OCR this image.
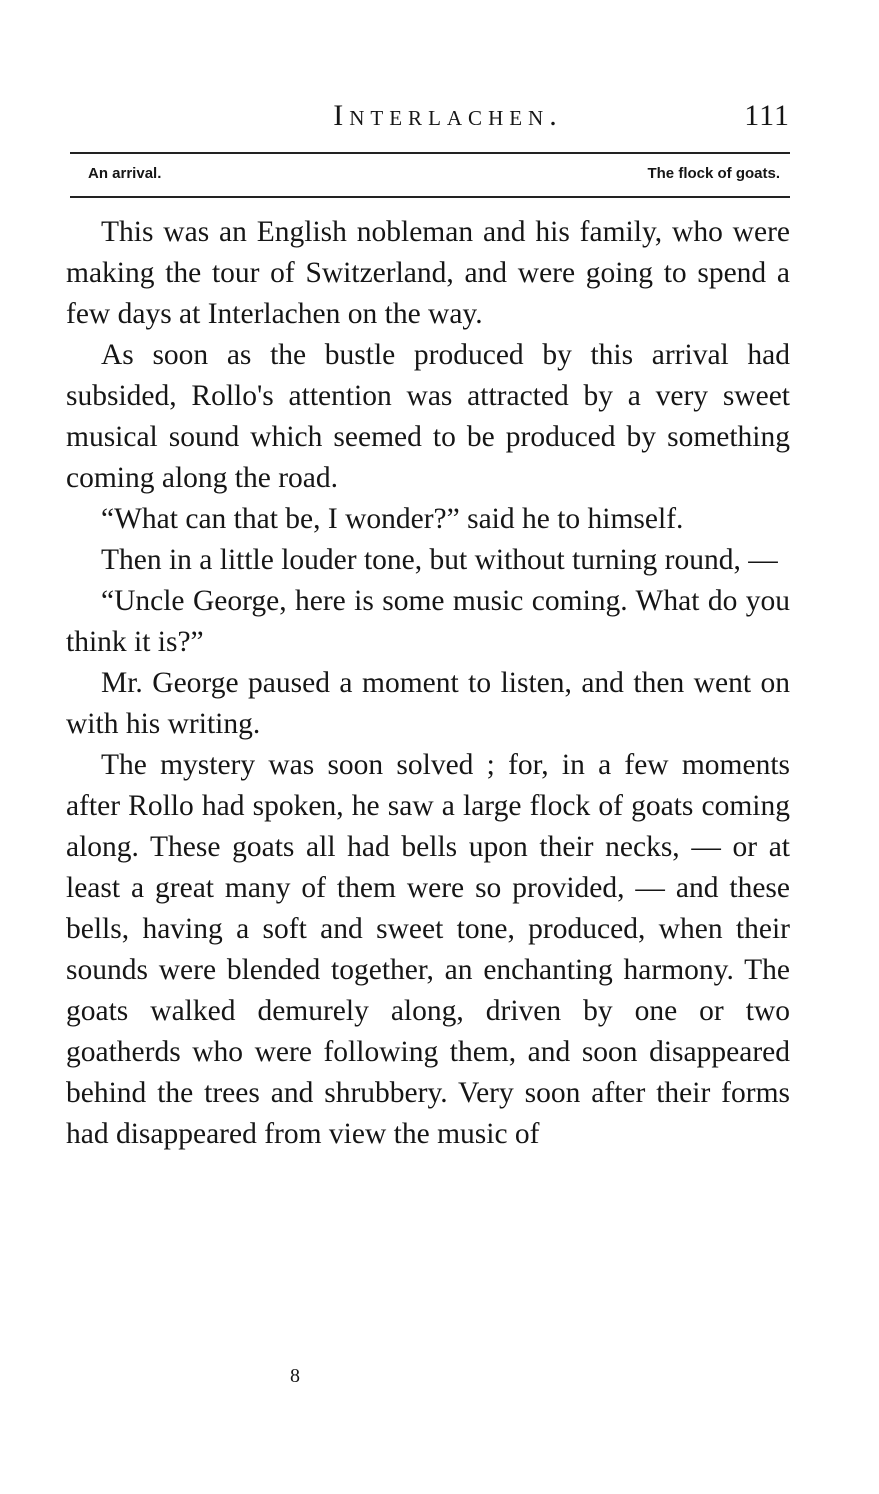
Interlachen.	111
An arrival.	The flock of goats.

This was an English nobleman and his family, who were making the tour of Switzerland, and were going to spend a few days at Interlachen on the way.

As soon as the bustle produced by this arrival had subsided, Rollo's attention was attracted by a very sweet musical sound which seemed to be produced by something coming along the road.

“What can that be, I wonder?” said he to himself.

Then in a little louder tone, but without turning round, —

“Uncle George, here is some music coming. What do you think it is?”

Mr. George paused a moment to listen, and then went on with his writing.

The mystery was soon solved ; for, in a few moments after Rollo had spoken, he saw a large flock of goats coming along. These goats all had bells upon their necks, — or at least a great many of them were so provided, — and these bells, having a soft and sweet tone, produced, when their sounds were blended together, an enchanting harmony. The goats walked demurely along, driven by one or two goatherds who were following them, and soon disappeared behind the trees and shrubbery. Very soon after their forms had disappeared from view the music of

8
